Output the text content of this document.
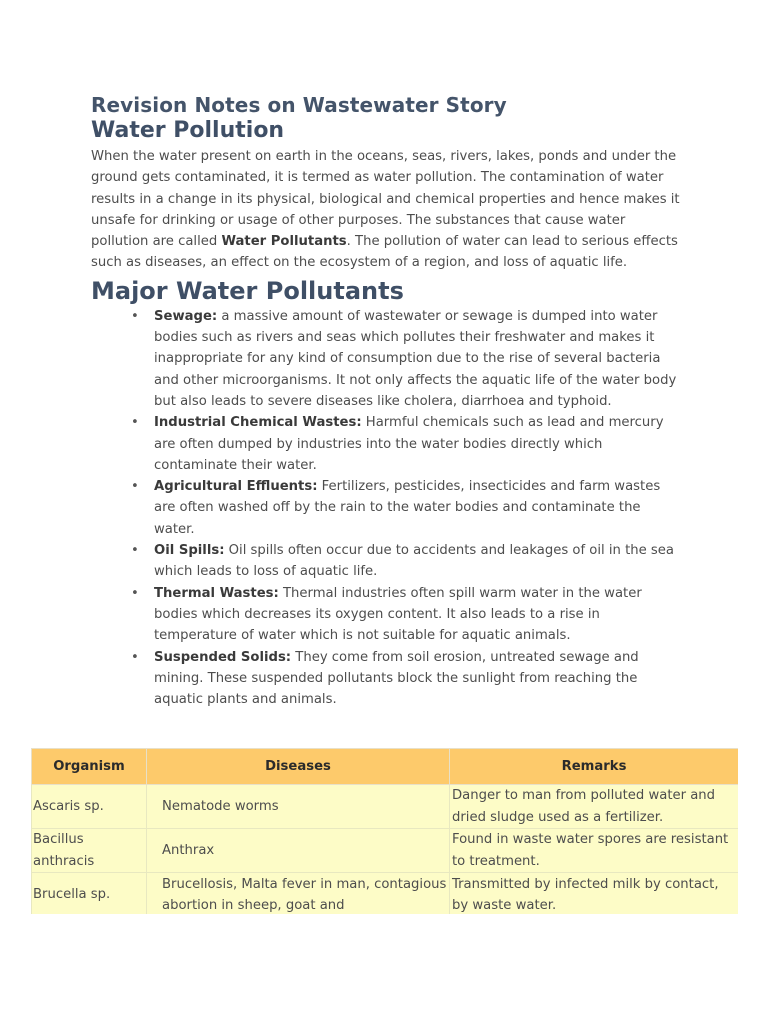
Revision Notes on Wastewater Story
Water Pollution

When the water present on earth in the oceans, seas, rivers, lakes, ponds and under the ground gets contaminated, it is termed as water pollution. The contamination of water results in a change in its physical, biological and chemical properties and hence makes it unsafe for drinking or usage of other purposes. The substances that cause water pollution are called Water Pollutants. The pollution of water can lead to serious effects such as diseases, an effect on the ecosystem of a region, and loss of aquatic life.

Major Water Pollutants
• Sewage: a massive amount of wastewater or sewage is dumped into water bodies such as rivers and seas which pollutes their freshwater and makes it inappropriate for any kind of consumption due to the rise of several bacteria and other microorganisms. It not only affects the aquatic life of the water body but also leads to severe diseases like cholera, diarrhoea and typhoid.
• Industrial Chemical Wastes: Harmful chemicals such as lead and mercury are often dumped by industries into the water bodies directly which contaminate their water.
• Agricultural Effluents: Fertilizers, pesticides, insecticides and farm wastes are often washed off by the rain to the water bodies and contaminate the water.
• Oil Spills: Oil spills often occur due to accidents and leakages of oil in the sea which leads to loss of aquatic life.
• Thermal Wastes: Thermal industries often spill warm water in the water bodies which decreases its oxygen content. It also leads to a rise in temperature of water which is not suitable for aquatic animals.
• Suspended Solids: They come from soil erosion, untreated sewage and mining. These suspended pollutants block the sunlight from reaching the aquatic plants and animals.
Organism	Diseases	Remarks
Ascaris sp.	Nematode worms	Danger to man from polluted water and dried sludge used as a fertilizer.
Bacillus anthracis	Anthrax	Found in waste water spores are resistant to treatment.
Brucella sp.	Brucellosis, Malta fever in man, contagious abortion in sheep, goat and	Transmitted by infected milk by contact, by waste water.
